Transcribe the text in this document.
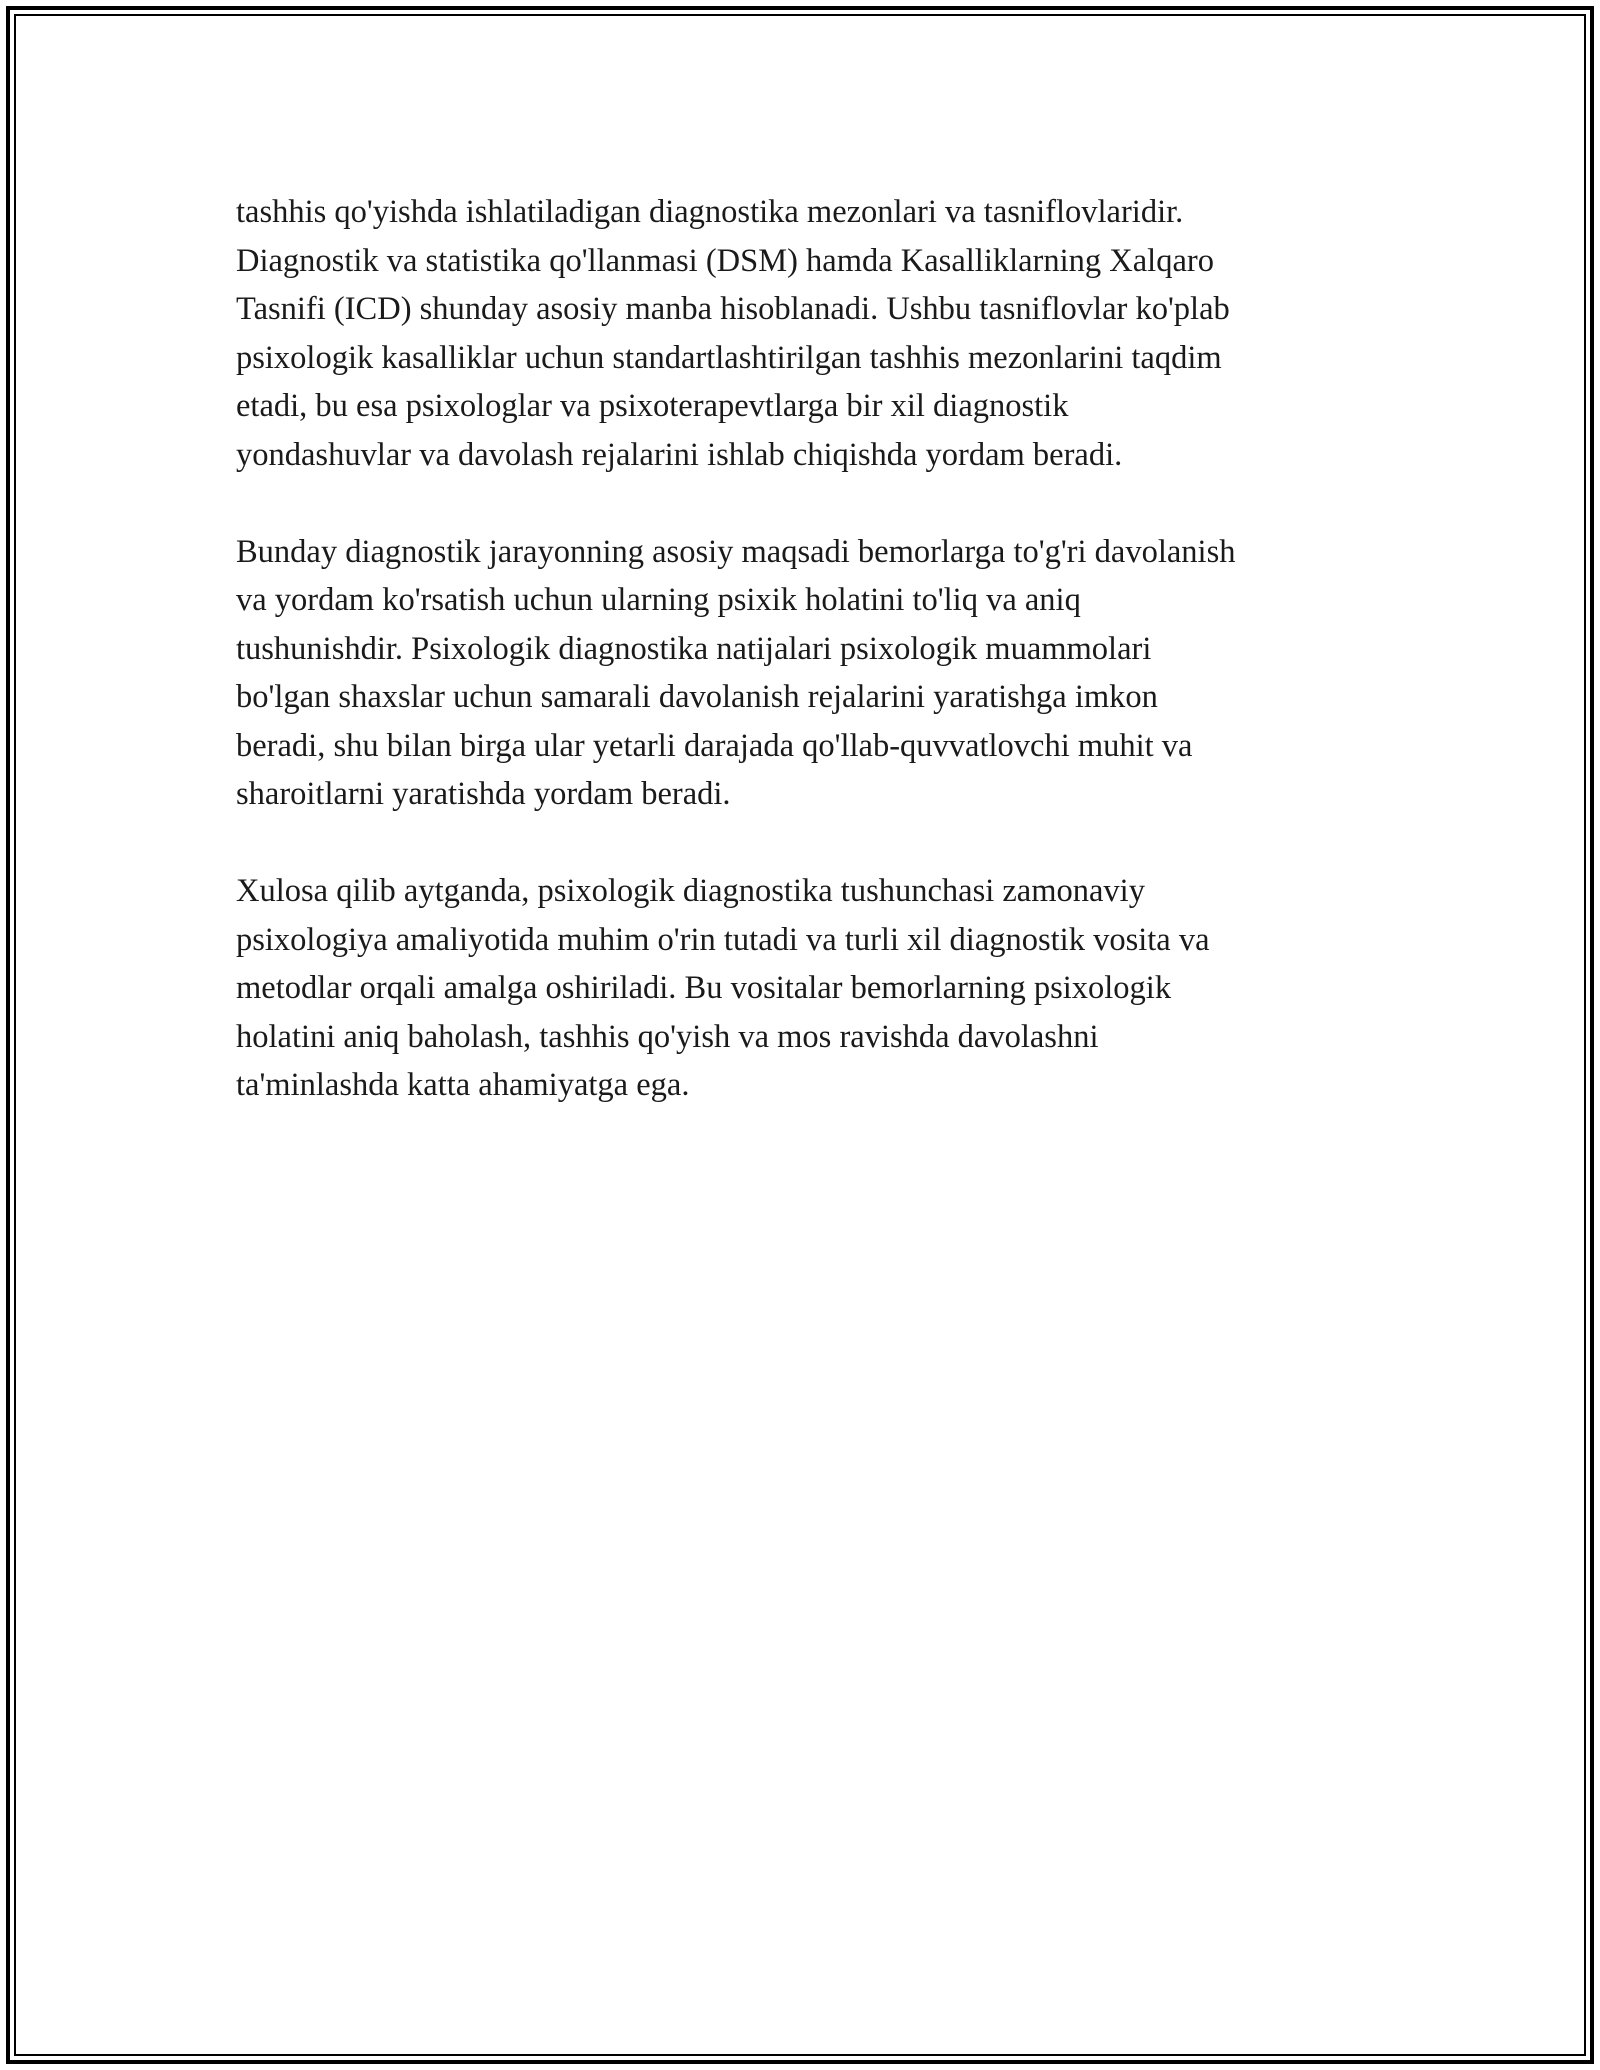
tashhis qo'yishda ishlatiladigan diagnostika mezonlari va tasniflovlaridir.
Diagnostik va statistika qo'llanmasi (DSM) hamda Kasalliklarning Xalqaro
Tasnifi (ICD) shunday asosiy manba hisoblanadi. Ushbu tasniflovlar ko'plab
psixologik kasalliklar uchun standartlashtirilgan tashhis mezonlarini taqdim
etadi, bu esa psixologlar va psixoterapevtlarga bir xil diagnostik
yondashuvlar va davolash rejalarini ishlab chiqishda yordam beradi.

Bunday diagnostik jarayonning asosiy maqsadi bemorlarga to'g'ri davolanish
va yordam ko'rsatish uchun ularning psixik holatini to'liq va aniq
tushunishdir. Psixologik diagnostika natijalari psixologik muammolari
bo'lgan shaxslar uchun samarali davolanish rejalarini yaratishga imkon
beradi, shu bilan birga ular yetarli darajada qo'llab-quvvatlovchi muhit va
sharoitlarni yaratishda yordam beradi.

Xulosa qilib aytganda, psixologik diagnostika tushunchasi zamonaviy
psixologiya amaliyotida muhim o'rin tutadi va turli xil diagnostik vosita va
metodlar orqali amalga oshiriladi. Bu vositalar bemorlarning psixologik
holatini aniq baholash, tashhis qo'yish va mos ravishda davolashni
ta'minlashda katta ahamiyatga ega.
